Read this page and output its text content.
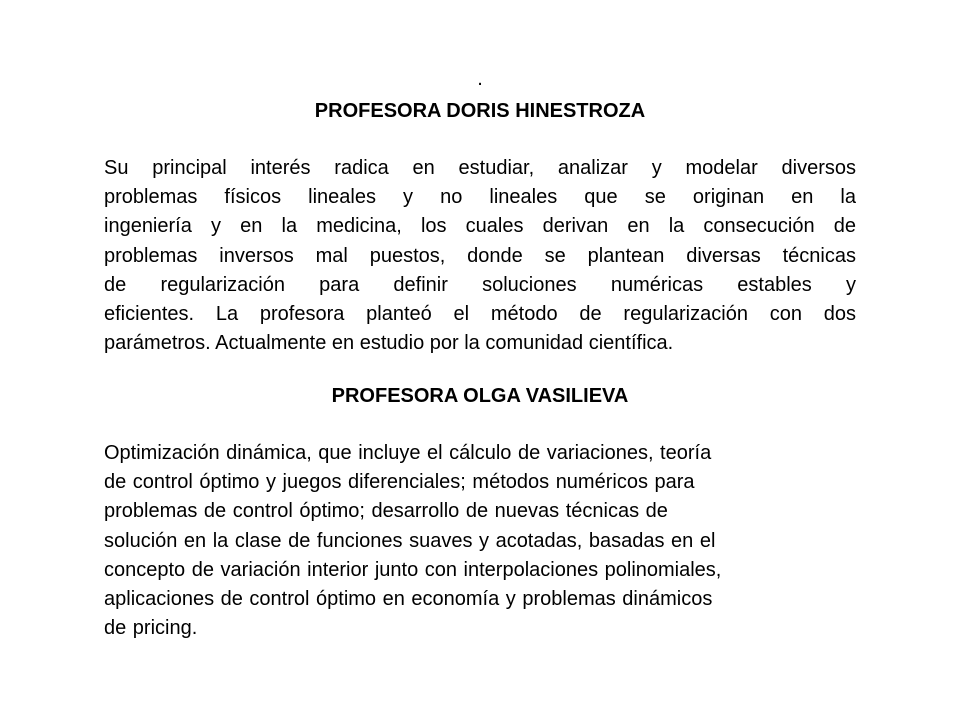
.
PROFESORA DORIS HINESTROZA
Su principal interés radica en estudiar, analizar y modelar diversos
problemas físicos lineales y no lineales que se originan en la
ingeniería y en la medicina, los cuales derivan en la consecución de
problemas inversos mal puestos, donde se plantean diversas técnicas
de regularización para definir soluciones numéricas estables y
eficientes. La profesora planteó el método de regularización con dos
parámetros. Actualmente en estudio por la comunidad científica.
PROFESORA OLGA VASILIEVA
Optimización dinámica, que incluye el cálculo de variaciones, teoría
de control óptimo y juegos diferenciales; métodos numéricos para
problemas de control óptimo; desarrollo de nuevas técnicas de
solución en la clase de funciones suaves y acotadas, basadas en el
concepto de variación interior junto con interpolaciones polinomiales,
aplicaciones de control óptimo en economía y problemas dinámicos
de pricing.
